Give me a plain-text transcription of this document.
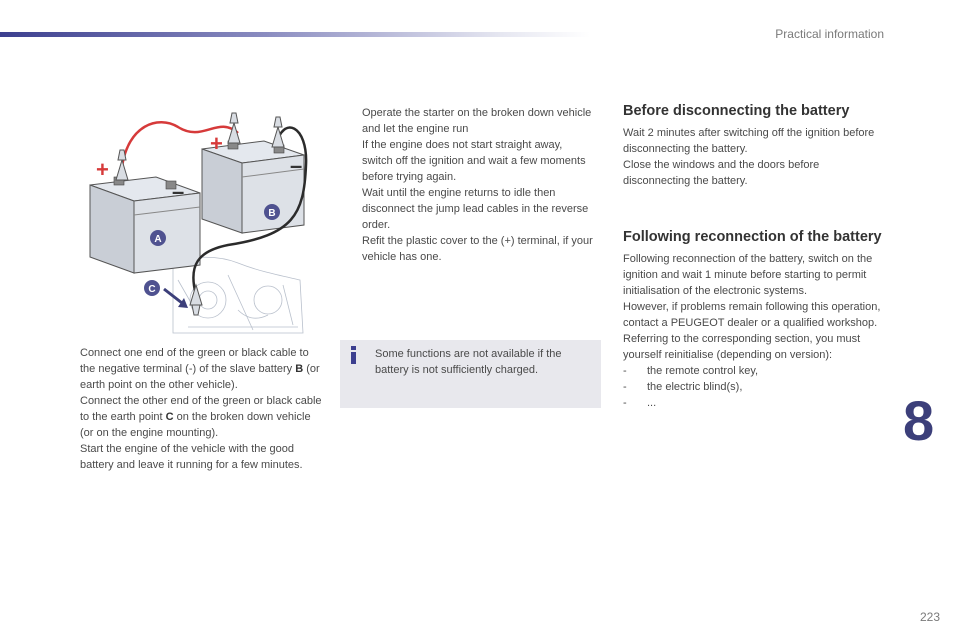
Practical information
+
+
–
–
A
B
C
Connect one end of the green or black cable to the negative terminal (-) of the slave battery B (or earth point on the other vehicle).
Connect the other end of the green or black cable to the earth point C on the broken down vehicle (or on the engine mounting).
Start the engine of the vehicle with the good battery and leave it running for a few minutes.
Operate the starter on the broken down vehicle and let the engine run
If the engine does not start straight away, switch off the ignition and wait a few moments before trying again.
Wait until the engine returns to idle then disconnect the jump lead cables in the reverse order.
Refit the plastic cover to the (+) terminal, if your vehicle has one.
Some functions are not available if the battery is not sufficiently charged.
Before disconnecting the battery

Wait 2 minutes after switching off the ignition before disconnecting the battery.
Close the windows and the doors before disconnecting the battery.

Following reconnection of the battery

Following reconnection of the battery, switch on the ignition and wait 1 minute before starting to permit initialisation of the electronic systems.
However, if problems remain following this operation, contact a PEUGEOT dealer or a qualified workshop.
Referring to the corresponding section, you must yourself reinitialise (depending on version):

- the remote control key,
- the electric blind(s),
- ...	8
223
